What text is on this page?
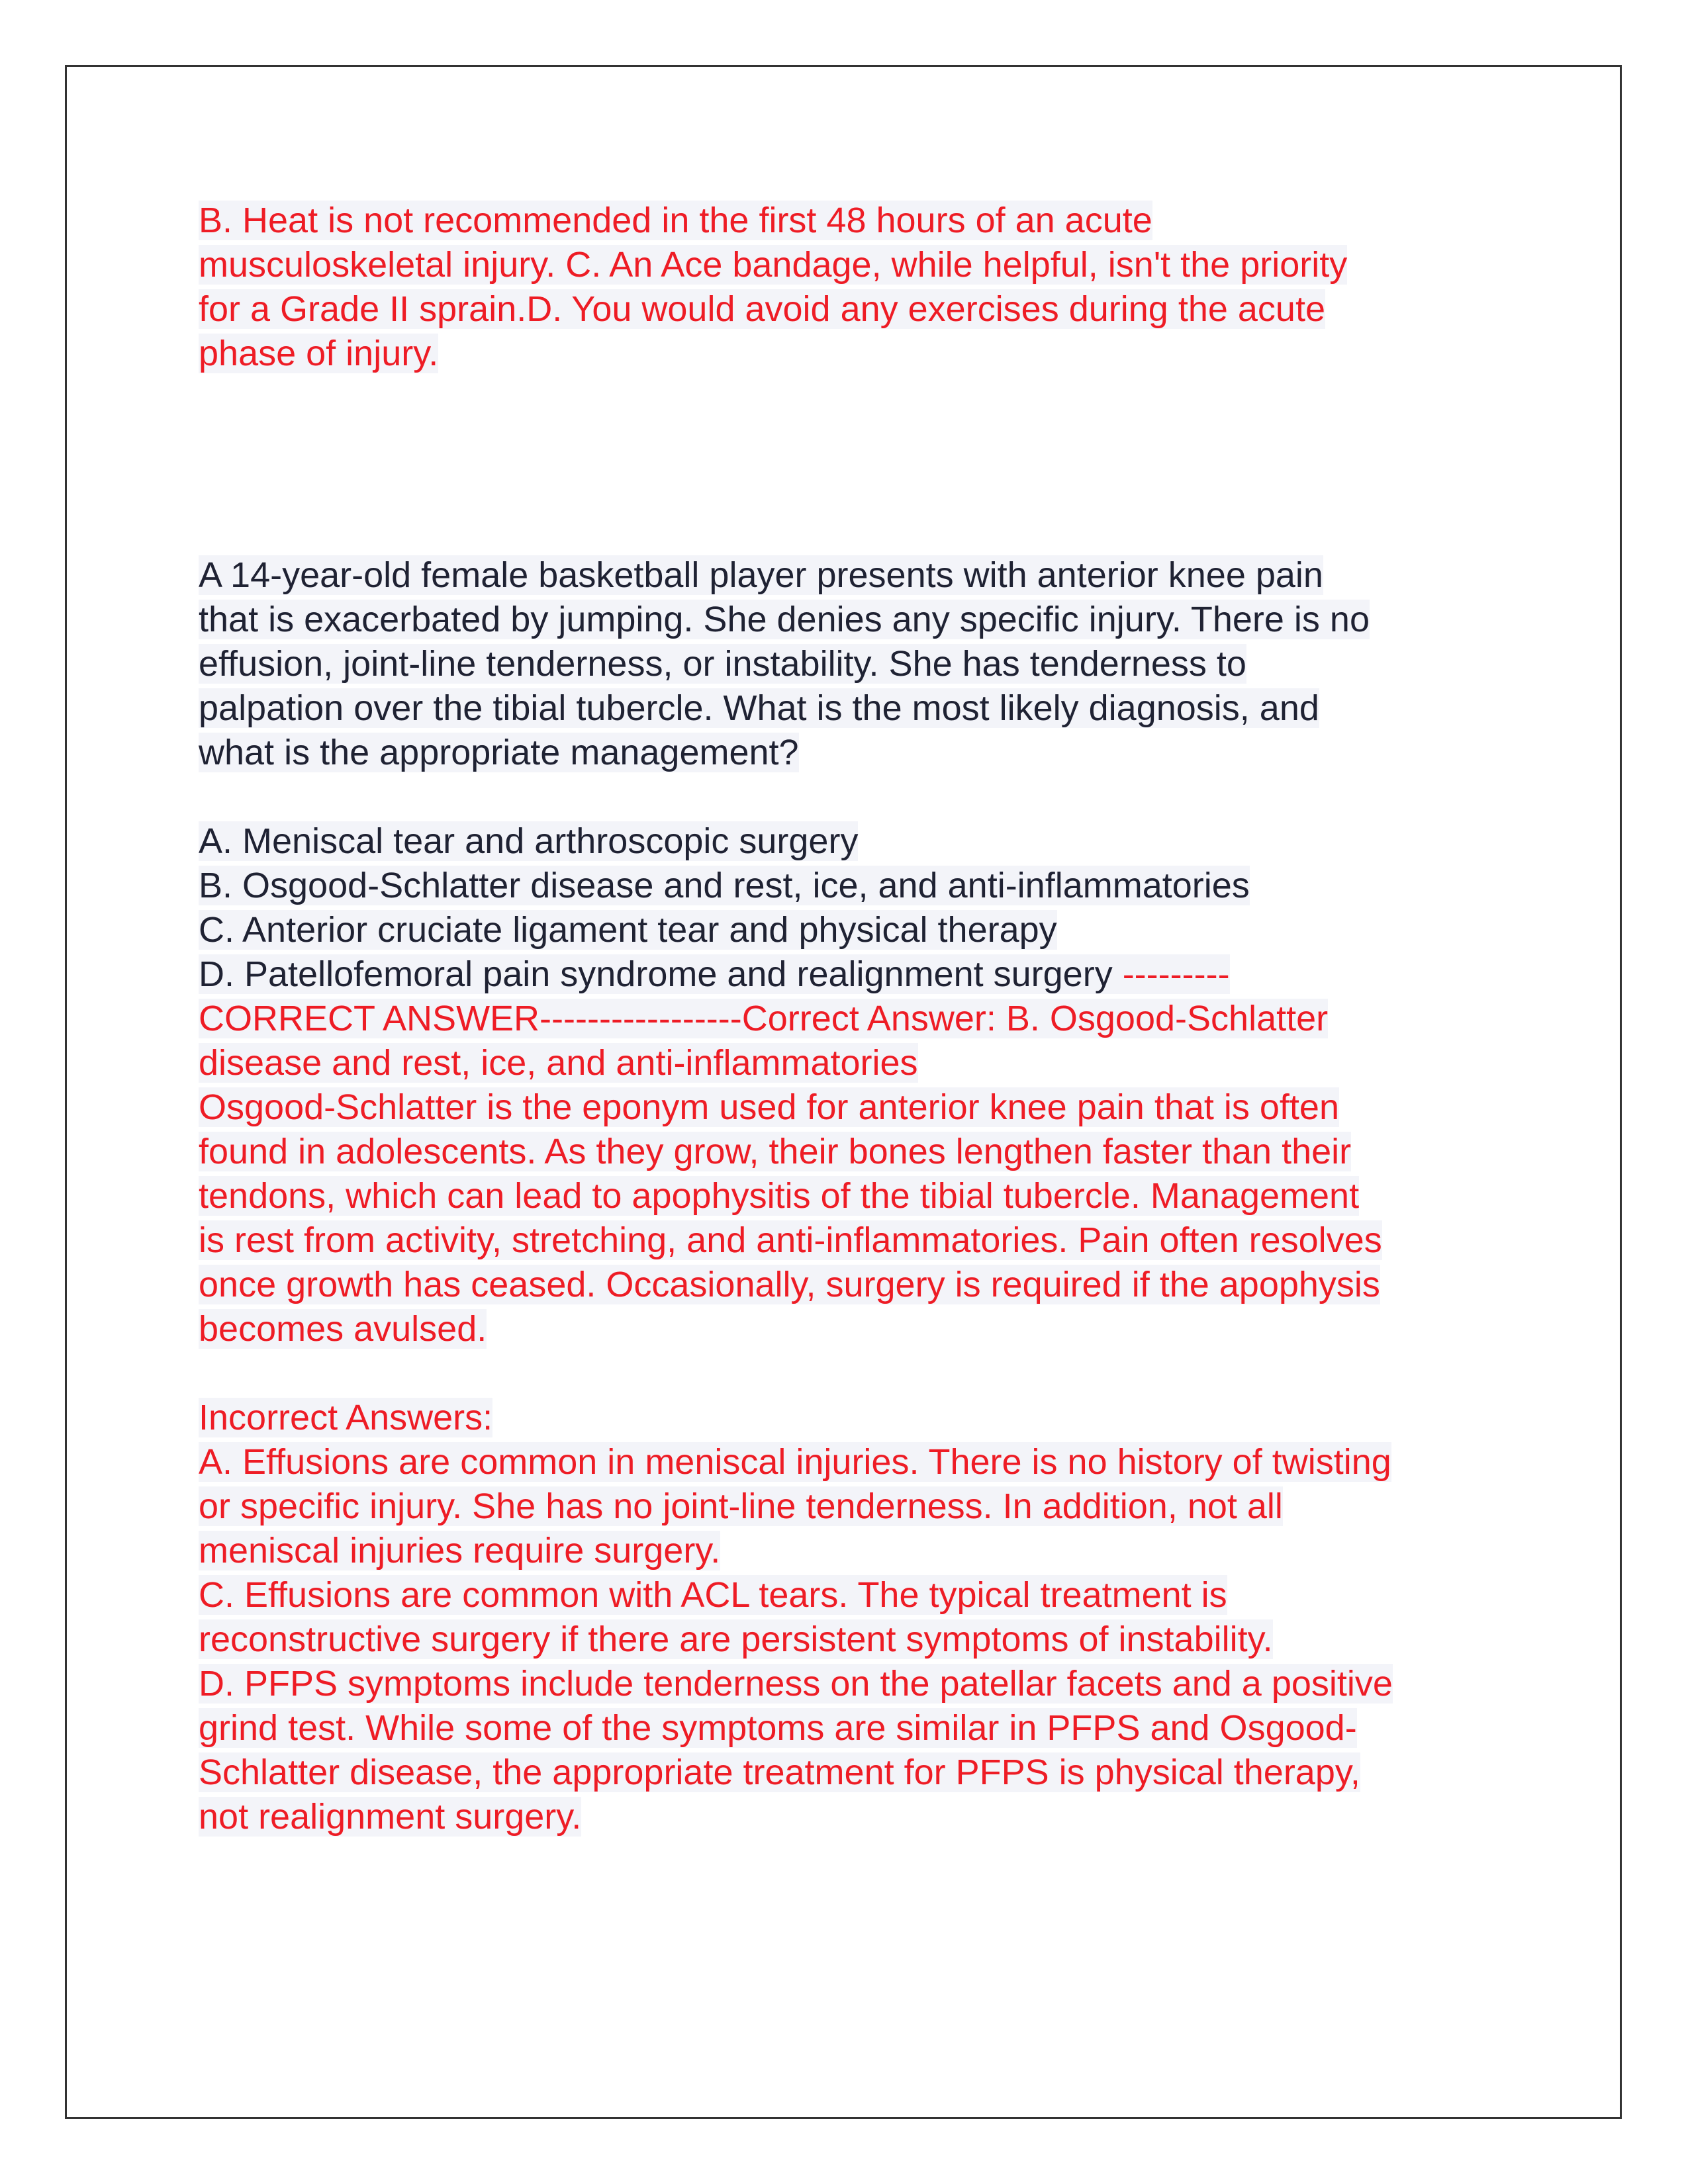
B. Heat is not recommended in the first 48 hours of an acute
musculoskeletal injury. C. An Ace bandage, while helpful, isn't the priority
for a Grade II sprain.D. You would avoid any exercises during the acute
phase of injury.
A 14-year-old female basketball player presents with anterior knee pain
that is exacerbated by jumping. She denies any specific injury. There is no
effusion, joint-line tenderness, or instability. She has tenderness to
palpation over the tibial tubercle. What is the most likely diagnosis, and
what is the appropriate management?
A. Meniscal tear and arthroscopic surgery
B. Osgood-Schlatter disease and rest, ice, and anti-inflammatories
C. Anterior cruciate ligament tear and physical therapy
D. Patellofemoral pain syndrome and realignment surgery ---------
CORRECT ANSWER-----------------Correct Answer: B. Osgood-Schlatter
disease and rest, ice, and anti-inflammatories
Osgood-Schlatter is the eponym used for anterior knee pain that is often
found in adolescents. As they grow, their bones lengthen faster than their
tendons, which can lead to apophysitis of the tibial tubercle. Management
is rest from activity, stretching, and anti-inflammatories. Pain often resolves
once growth has ceased. Occasionally, surgery is required if the apophysis
becomes avulsed.
Incorrect Answers:
A. Effusions are common in meniscal injuries. There is no history of twisting
or specific injury. She has no joint-line tenderness. In addition, not all
meniscal injuries require surgery.
C. Effusions are common with ACL tears. The typical treatment is
reconstructive surgery if there are persistent symptoms of instability.
D. PFPS symptoms include tenderness on the patellar facets and a positive
grind test. While some of the symptoms are similar in PFPS and Osgood-
Schlatter disease, the appropriate treatment for PFPS is physical therapy,
not realignment surgery.
